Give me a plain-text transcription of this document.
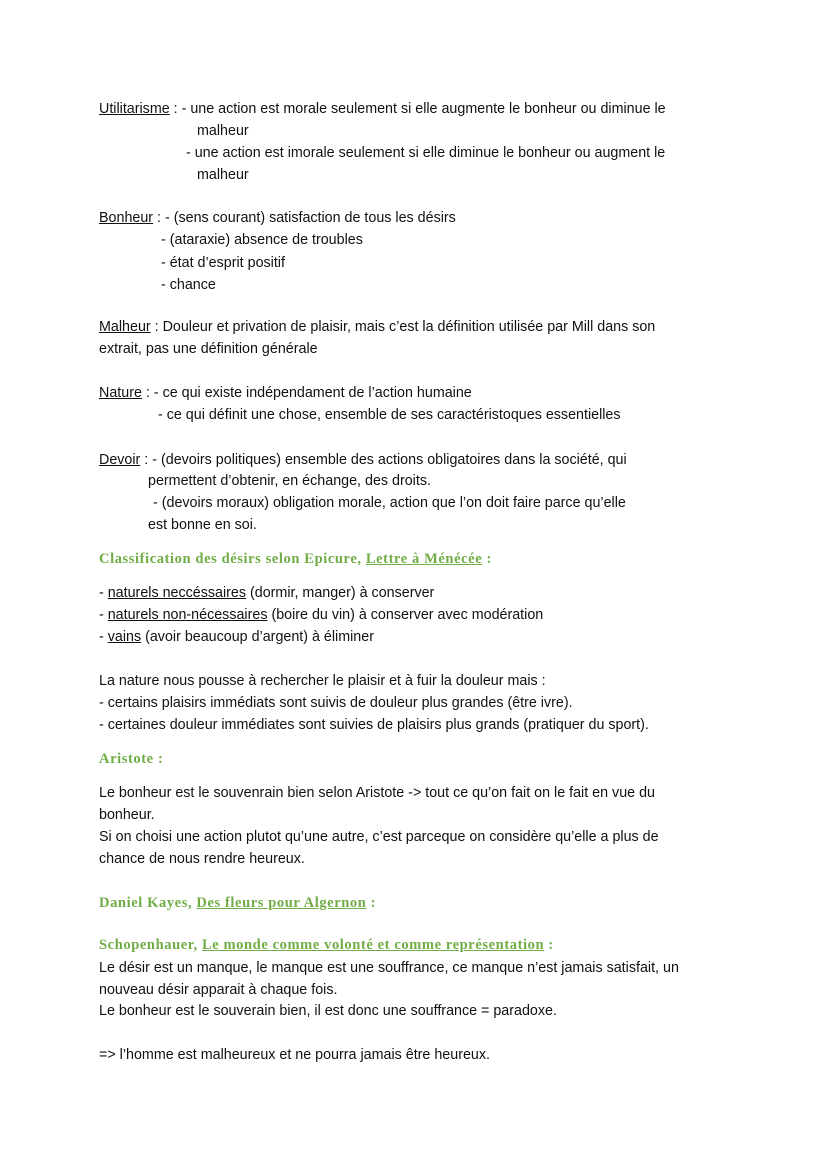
Utilitarisme : - une action est morale seulement si elle augmente le bonheur ou diminue le
malheur
- une action est imorale seulement si elle diminue le bonheur ou augment le
malheur
Bonheur : - (sens courant) satisfaction de tous les désirs
- (ataraxie) absence de troubles
- état d’esprit positif
- chance
Malheur : Douleur et privation de plaisir, mais c’est la définition utilisée par Mill dans son
extrait, pas une définition générale
Nature : - ce qui existe indépendament de l’action humaine
- ce qui définit une chose, ensemble de ses caractéristoques essentielles
Devoir : - (devoirs politiques) ensemble des actions obligatoires dans la société, qui
permettent d’obtenir, en échange, des droits.
- (devoirs moraux) obligation morale, action que l’on doit faire parce qu’elle
est bonne en soi.
Classification des désirs selon Epicure, Lettre à Ménécée :
- naturels neccéssaires (dormir, manger) à conserver
- naturels non-nécessaires (boire du vin) à conserver avec modération
- vains (avoir beaucoup d’argent) à éliminer
La nature nous pousse à rechercher le plaisir et à fuir la douleur mais :
- certains plaisirs immédiats sont suivis de douleur plus grandes (être ivre).
- certaines douleur immédiates sont suivies de plaisirs plus grands (pratiquer du sport).
Aristote :
Le bonheur est le souvenrain bien selon Aristote -> tout ce qu’on fait on le fait en vue du
bonheur.
Si on choisi une action plutot qu’une autre, c’est parceque on considère qu’elle a plus de
chance de nous rendre heureux.
Daniel Kayes, Des fleurs pour Algernon :
Schopenhauer, Le monde comme volonté et comme représentation :
Le désir est un manque, le manque est une souffrance, ce manque n’est jamais satisfait, un
nouveau désir apparait à chaque fois.
Le bonheur est le souverain bien, il est donc une souffrance = paradoxe.
=> l’homme est malheureux et ne pourra jamais être heureux.
